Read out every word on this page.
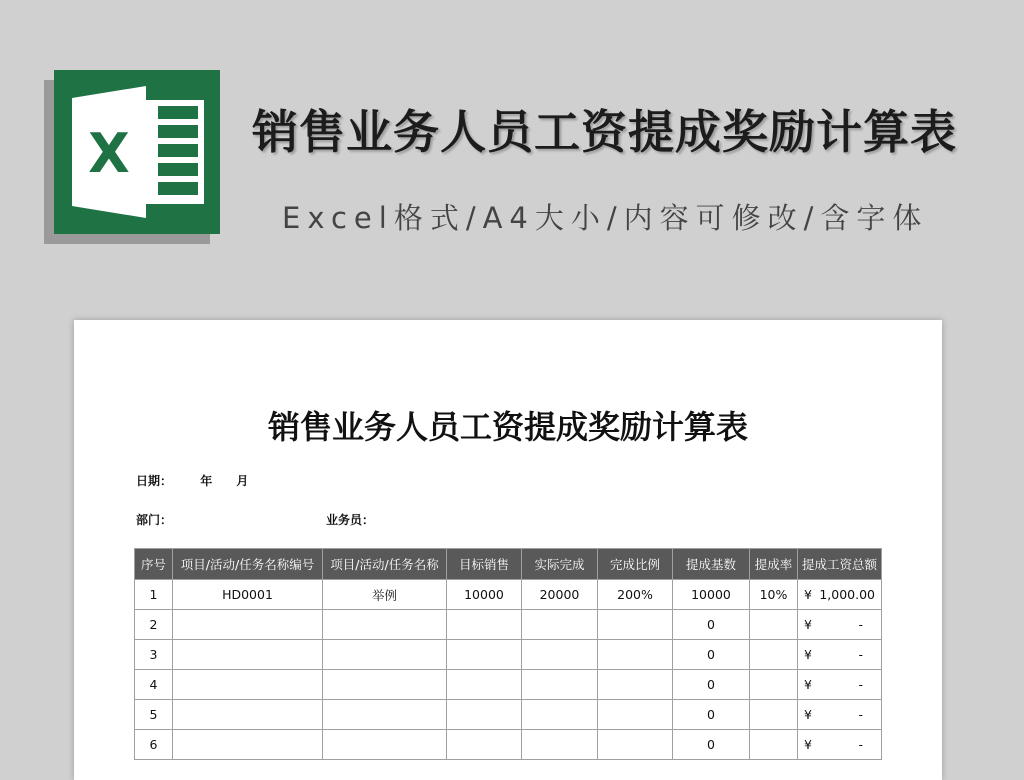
X	销售业务人员工资提成奖励计算表
Excel格式/A4大小/内容可修改/含字体
销售业务人员工资提成奖励计算表
日期： 年 月
部门：	业务员：
序号	项目/活动/任务名称编号	项目/活动/任务名称	目标销售	实际完成	完成比例	提成基数	提成率	提成工资总额
1	HD0001	举例	10000	20000	200%	10000	10%	¥ 1,000.00

2						0		¥ -

3						0		¥ -

4						0		¥ -

5						0		¥ -

6						0		¥ -
